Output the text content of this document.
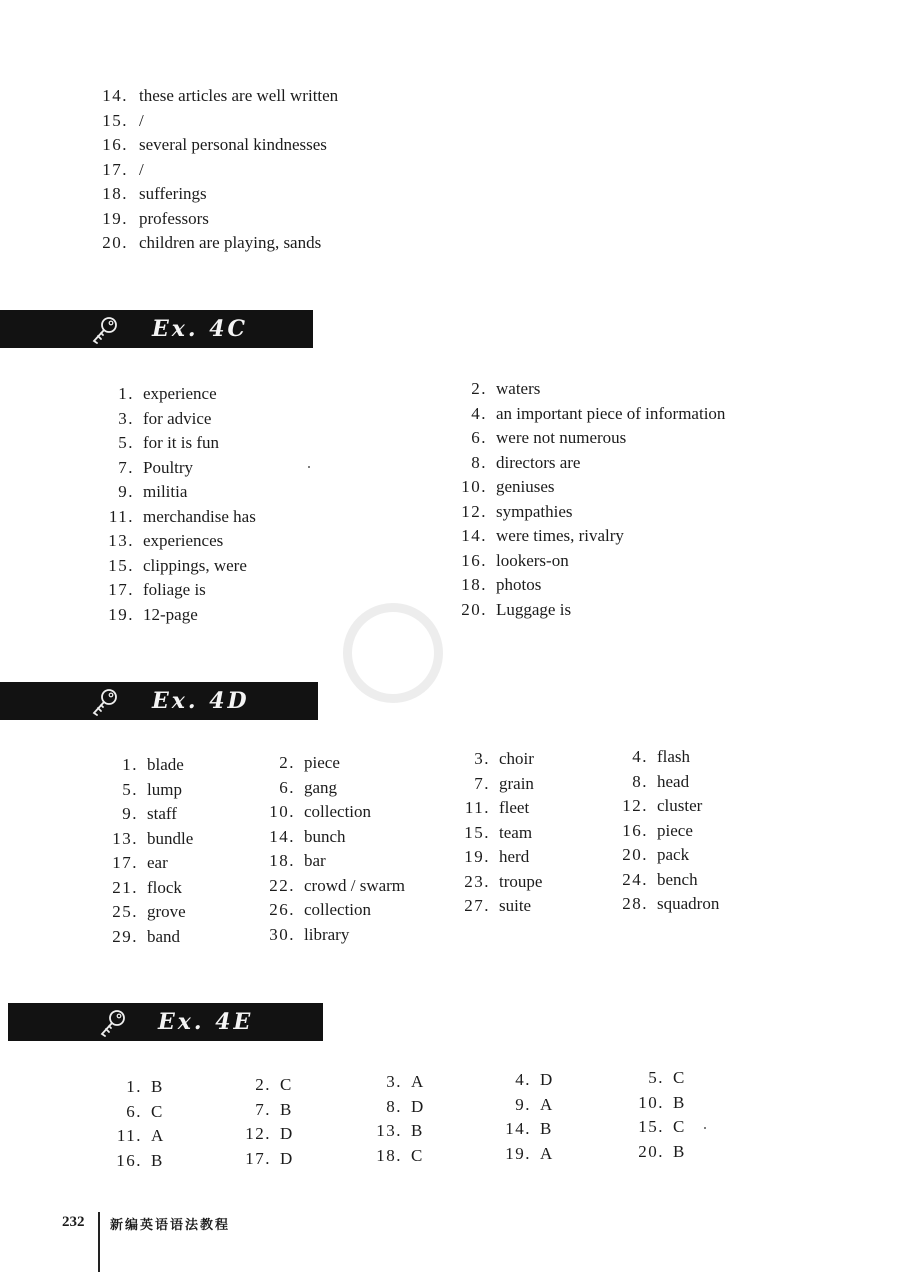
14. these articles are well written
15. /
16. several personal kindnesses
17. /
18. sufferings
19. professors
20. children are playing, sands
Ex. 4C
1. experience
3. for advice
5. for it is fun
7. Poultry
9. militia
11. merchandise has
13. experiences
15. clippings, were
17. foliage is
19. 12-page
2. waters
4. an important piece of information
6. were not numerous
8. directors are
10. geniuses
12. sympathies
14. were times, rivalry
16. lookers-on
18. photos
20. Luggage is
Ex. 4D
1. blade
5. lump
9. staff
13. bundle
17. ear
21. flock
25. grove
29. band
2. piece
6. gang
10. collection
14. bunch
18. bar
22. crowd / swarm
26. collection
30. library
3. choir
7. grain
11. fleet
15. team
19. herd
23. troupe
27. suite
4. flash
8. head
12. cluster
16. piece
20. pack
24. bench
28. squadron
Ex. 4E
1. B
6. C
11. A
16. B
2. C
7. B
12. D
17. D
3. A
8. D
13. B
18. C
4. D
9. A
14. B
19. A
5. C
10. B
15. C
20. B
232 新编英语语法教程
